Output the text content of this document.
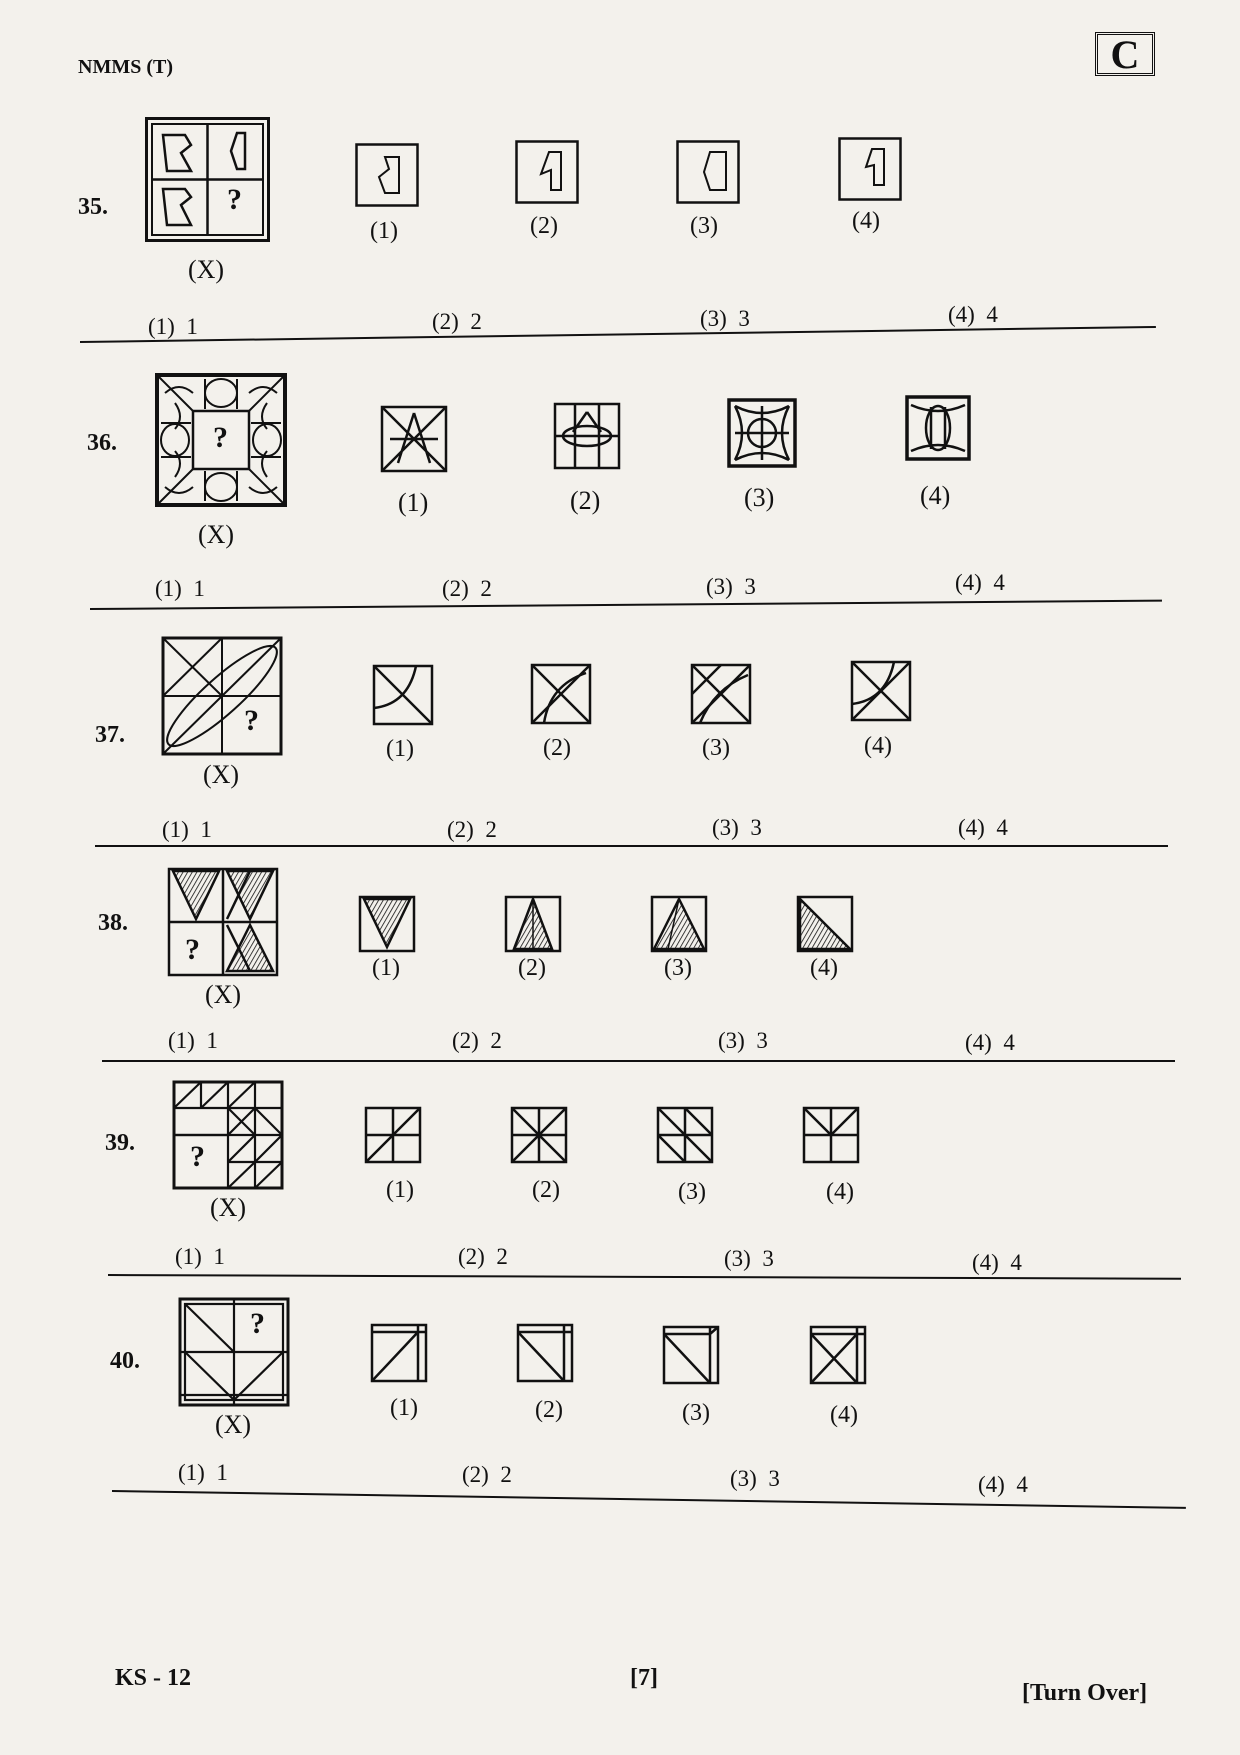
NMMS (T)	C
35.	?
(X)
(1)	(2)	(3)	(4)
(1)  1	(2)  2	(3)  3	(4)  4
36.	?
(X)
(1)	(2)	(3)	(4)
(1)  1	(2)  2	(3)  3	(4)  4
37.	?
(X)
(1)	(2)	(3)	(4)
(1)  1	(2)  2	(3)  3	(4)  4
38.
?
(X)
(1)	(2)	(3)	(4)
(1)  1	(2)  2	(3)  3	(4)  4
39. ?
(X)
(1)	(2)	(3)	(4)
(1)  1	(2)  2	(3)  3	(4)  4
40.
?
(X)
(1)	(2)	(3)	(4)
(1)  1	(2)  2	(3)  3	(4)  4
KS - 12	[7]
[Turn Over]
